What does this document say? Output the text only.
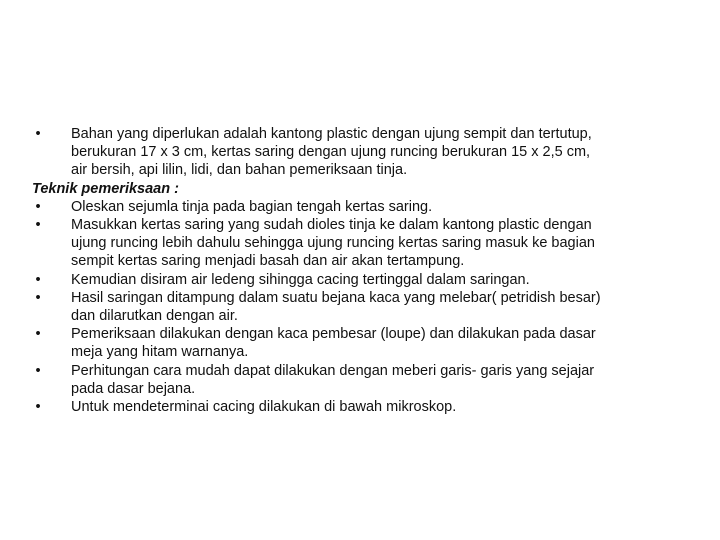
• Bahan yang diperlukan adalah kantong plastic dengan ujung sempit dan tertutup,
berukuran 17 x 3 cm, kertas saring dengan ujung runcing berukuran 15 x 2,5 cm,
air bersih, api lilin, lidi, dan bahan pemeriksaan tinja.
Teknik pemeriksaan :
• Oleskan sejumla tinja pada bagian tengah kertas saring.
• Masukkan kertas saring yang sudah dioles tinja ke dalam kantong plastic dengan
ujung runcing lebih dahulu sehingga ujung runcing kertas saring masuk ke bagian
sempit kertas saring menjadi basah dan air akan tertampung.
• Kemudian disiram air ledeng sihingga cacing tertinggal dalam saringan.
• Hasil saringan ditampung dalam suatu bejana kaca yang melebar( petridish besar)
dan dilarutkan dengan air.
• Pemeriksaan dilakukan dengan kaca pembesar (loupe) dan dilakukan pada dasar
meja yang hitam warnanya.
• Perhitungan cara mudah dapat dilakukan dengan meberi garis- garis yang sejajar
pada dasar bejana.
• Untuk mendeterminai cacing dilakukan di bawah mikroskop.
